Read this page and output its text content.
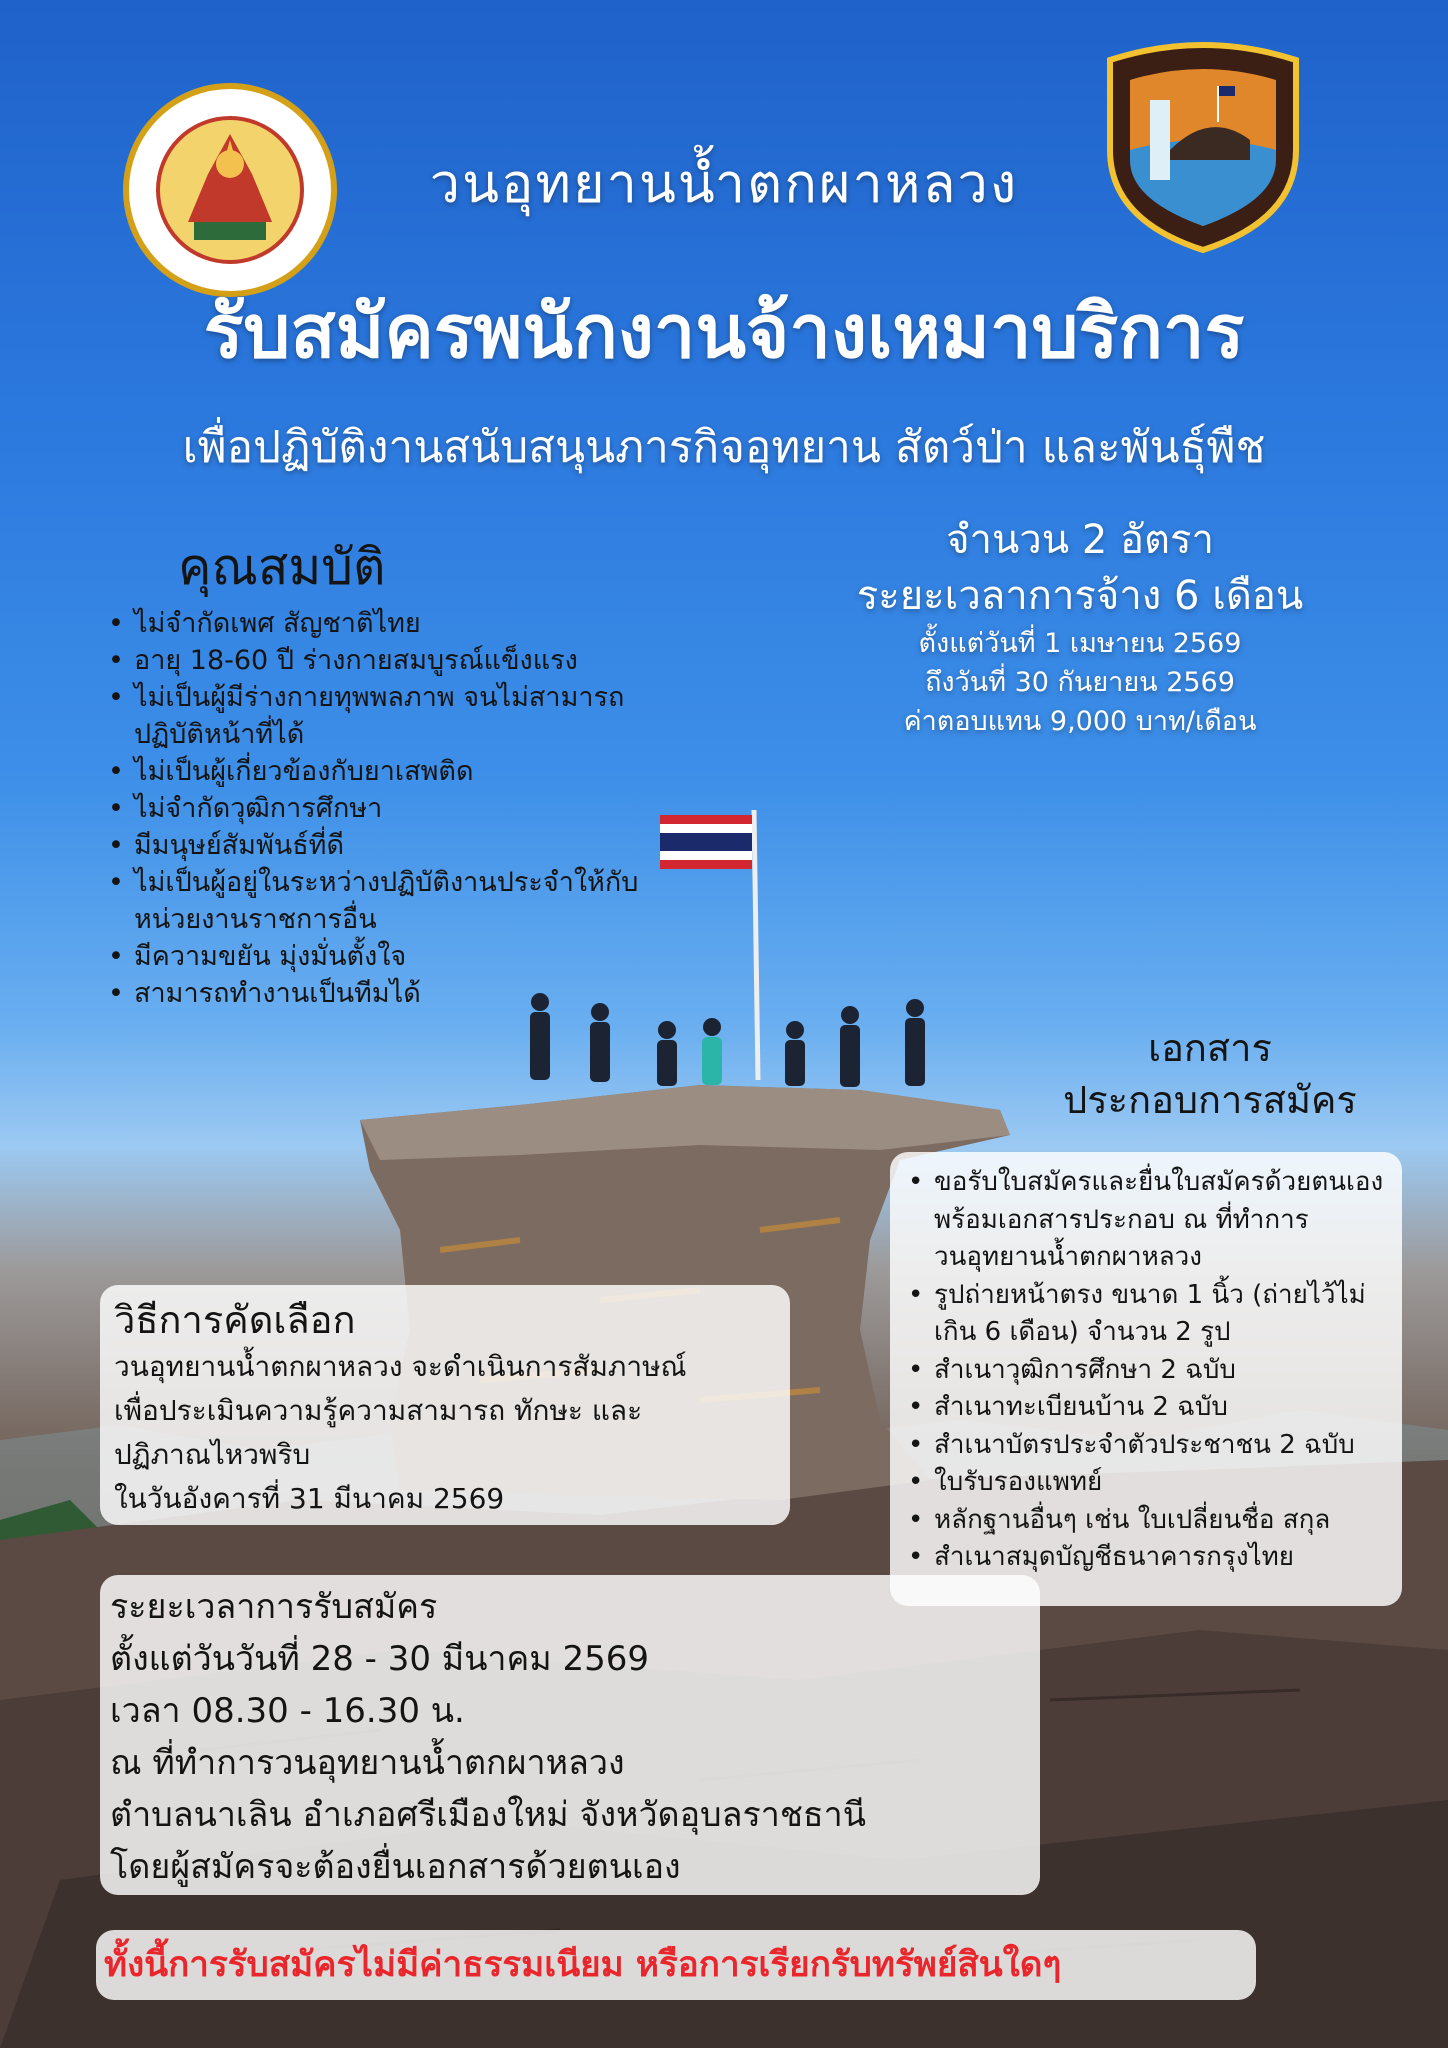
วนอุทยานน้ำตกผาหลวง
รับสมัครพนักงานจ้างเหมาบริการ
เพื่อปฏิบัติงานสนับสนุนภารกิจอุทยาน สัตว์ป่า และพันธุ์พืช
จำนวน 2 อัตรา
ระยะเวลาการจ้าง 6 เดือน
ตั้งแต่วันที่ 1 เมษายน 2569
ถึงวันที่ 30 กันยายน 2569
ค่าตอบแทน 9,000 บาท/เดือน
คุณสมบัติ
• ไม่จำกัดเพศ สัญชาติไทย
• อายุ 18-60 ปี ร่างกายสมบูรณ์แข็งแรง
• ไม่เป็นผู้มีร่างกายทุพพลภาพ จนไม่สามารถปฏิบัติหน้าที่ได้
• ไม่เป็นผู้เกี่ยวข้องกับยาเสพติด
• ไม่จำกัดวุฒิการศึกษา
• มีมนุษย์สัมพันธ์ที่ดี
• ไม่เป็นผู้อยู่ในระหว่างปฏิบัติงานประจำให้กับหน่วยงานราชการอื่น
• มีความขยัน มุ่งมั่นตั้งใจ
• สามารถทำงานเป็นทีมได้
เอกสาร
ประกอบการสมัคร
• ขอรับใบสมัครและยื่นใบสมัครด้วยตนเอง พร้อมเอกสารประกอบ ณ ที่ทำการ วนอุทยานน้ำตกผาหลวง
• รูปถ่ายหน้าตรง ขนาด 1 นิ้ว (ถ่ายไว้ไม่เกิน 6 เดือน) จำนวน 2 รูป
• สำเนาวุฒิการศึกษา 2 ฉบับ
• สำเนาทะเบียนบ้าน 2 ฉบับ
• สำเนาบัตรประจำตัวประชาชน 2 ฉบับ
• ใบรับรองแพทย์
• หลักฐานอื่นๆ เช่น ใบเปลี่ยนชื่อ สกุล
• สำเนาสมุดบัญชีธนาคารกรุงไทย
วิธีการคัดเลือก
วนอุทยานน้ำตกผาหลวง จะดำเนินการสัมภาษณ์
เพื่อประเมินความรู้ความสามารถ ทักษะ และ
ปฏิภาณไหวพริบ
ในวันอังคารที่ 31 มีนาคม 2569
ระยะเวลาการรับสมัคร
ตั้งแต่วันวันที่ 28 - 30 มีนาคม 2569
เวลา 08.30 - 16.30 น.
ณ ที่ทำการวนอุทยานน้ำตกผาหลวง
ตำบลนาเลิน อำเภอศรีเมืองใหม่ จังหวัดอุบลราชธานี
โดยผู้สมัครจะต้องยื่นเอกสารด้วยตนเอง
ทั้งนี้การรับสมัครไม่มีค่าธรรมเนียม หรือการเรียกรับทรัพย์สินใดๆ
